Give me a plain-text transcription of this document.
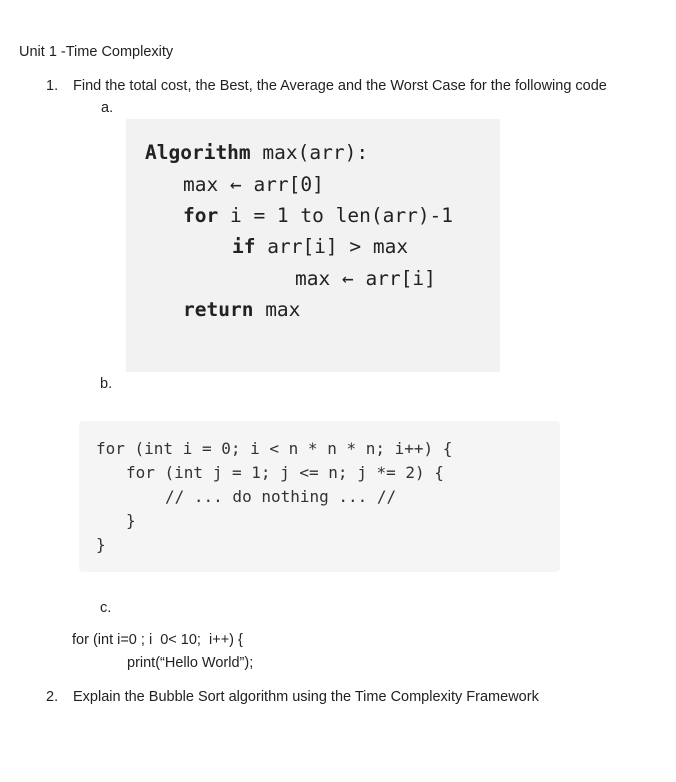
Unit 1 -Time Complexity
1. Find the total cost, the Best, the Average and the Worst Case for the following code
a.
Algorithm max(arr):
max ← arr[0]
for i = 1 to len(arr)-1
if arr[i] > max
max ← arr[i]
return max
b.
for (int i = 0; i < n * n * n; i++) {
for (int j = 1; j <= n; j *= 2) {
// ... do nothing ... //
}
}
c.
for (int i=0 ; i  0< 10;  i++) {
print(“Hello World”);
2. Explain the Bubble Sort algorithm using the Time Complexity Framework
